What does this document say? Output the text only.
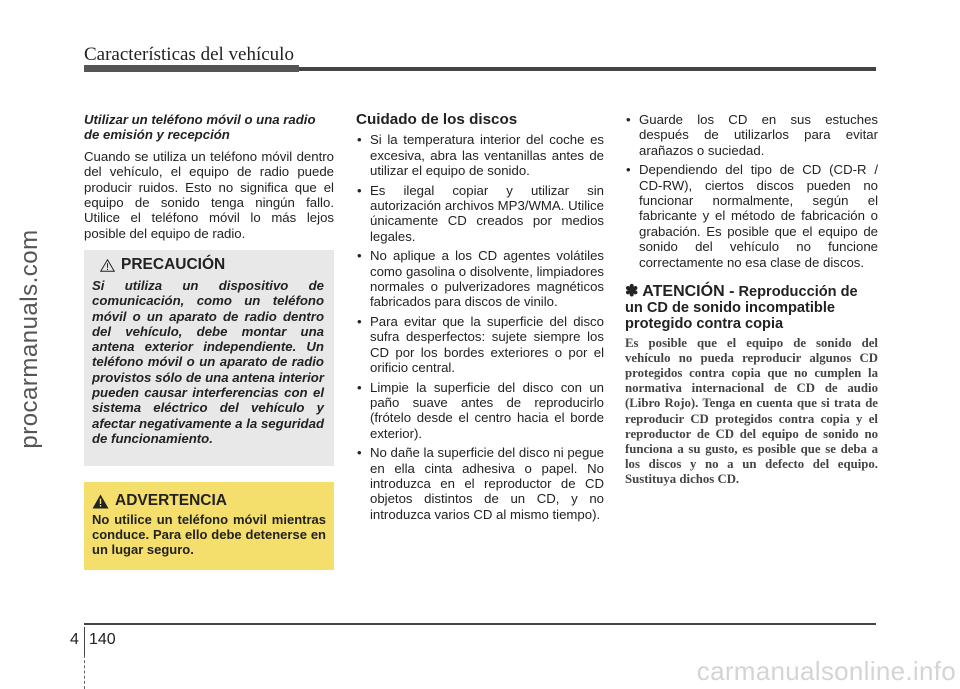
Características del vehículo
procarmanuals.com
Utilizar un teléfono móvil o una radio de emisión y recepción

Cuando se utiliza un teléfono móvil dentro del vehículo, el equipo de radio puede producir ruidos. Esto no significa que el equipo de sonido tenga ningún fallo. Utilice el teléfono móvil lo más lejos posible del equipo de radio.

PRECAUCIÓN
Si utiliza un dispositivo de comunicación, como un teléfono móvil o un aparato de radio dentro del vehículo, debe montar una antena exterior independiente. Un teléfono móvil o un aparato de radio provistos sólo de una antena interior pueden causar interferencias con el sistema eléctrico del vehículo y afectar negativamente a la seguridad de funcionamiento.
ADVERTENCIA
No utilice un teléfono móvil mientras conduce. Para ello debe detenerse en un lugar seguro.
Cuidado de los discos
• Si la temperatura interior del coche es excesiva, abra las ventanillas antes de utilizar el equipo de sonido.
• Es ilegal copiar y utilizar sin autorización archivos MP3/WMA. Utilice únicamente CD creados por medios legales.
• No aplique a los CD agentes volátiles como gasolina o disolvente, limpiadores normales o pulverizadores magnéticos fabricados para discos de vinilo.
• Para evitar que la superficie del disco sufra desperfectos: sujete siempre los CD por los bordes exteriores o por el orificio central.
• Limpie la superficie del disco con un paño suave antes de reproducirlo (frótelo desde el centro hacia el borde exterior).
• No dañe la superficie del disco ni pegue en ella cinta adhesiva o papel. No introduzca en el reproductor de CD objetos distintos de un CD, y no introduzca varios CD al mismo tiempo).
• Guarde los CD en sus estuches después de utilizarlos para evitar arañazos o suciedad.
• Dependiendo del tipo de CD (CD-R / CD-RW), ciertos discos pueden no funcionar normalmente, según el fabricante y el método de fabricación o grabación. Es posible que el equipo de sonido del vehículo no funcione correctamente no esa clase de discos.
✽ ATENCIÓN - Reproducción de un CD de sonido incompatible protegido contra copia
Es posible que el equipo de sonido del vehículo no pueda reproducir algunos CD protegidos contra copia que no cumplen la normativa internacional de CD de audio (Libro Rojo). Tenga en cuenta que si trata de reproducir CD protegidos contra copia y el reproductor de CD del equipo de sonido no funciona a su gusto, es posible que se deba a los discos y no a un defecto del equipo. Sustituya dichos CD.
4 140
carmanualsonline.info
